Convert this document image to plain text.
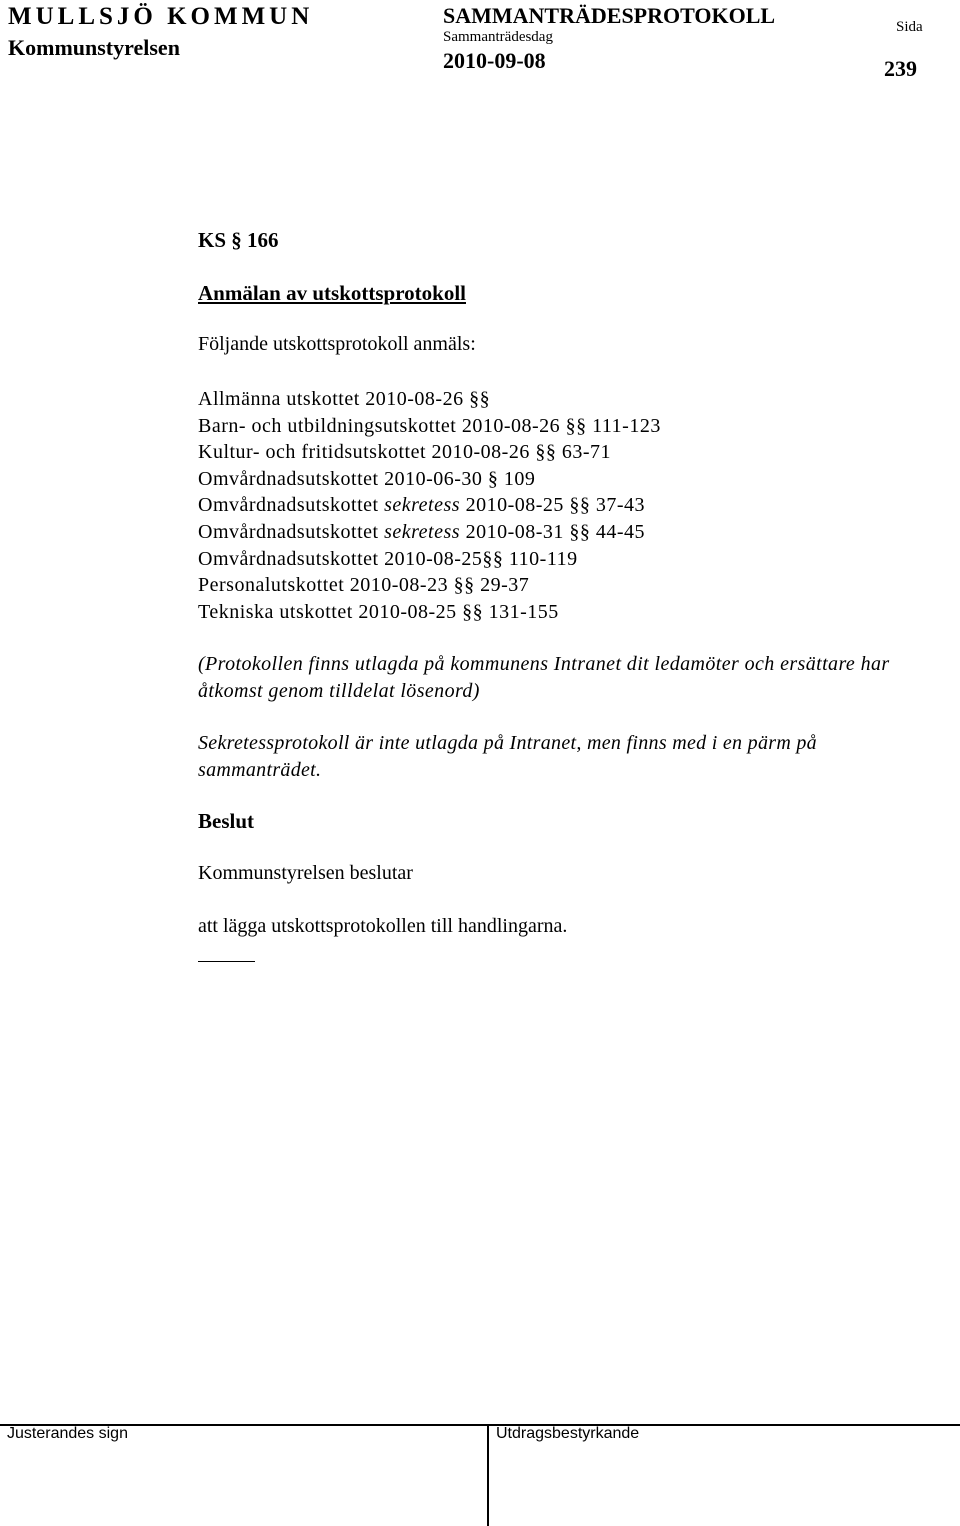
MULLSJÖ KOMMUN
Kommunstyrelsen
SAMMANTRÄDESPROTOKOLL
Sammanträdesdag
2010-09-08
Sida
239
KS § 166
Anmälan av utskottsprotokoll
Följande utskottsprotokoll anmäls:
Allmänna utskottet 2010-08-26 §§
Barn- och utbildningsutskottet 2010-08-26 §§ 111-123
Kultur- och fritidsutskottet 2010-08-26 §§ 63-71
Omvårdnadsutskottet 2010-06-30 § 109
Omvårdnadsutskottet sekretess 2010-08-25 §§ 37-43
Omvårdnadsutskottet sekretess 2010-08-31 §§ 44-45
Omvårdnadsutskottet 2010-08-25§§ 110-119
Personalutskottet 2010-08-23 §§ 29-37
Tekniska utskottet 2010-08-25 §§ 131-155
(Protokollen finns utlagda på kommunens Intranet dit ledamöter och ersättare har åtkomst genom tilldelat lösenord)
Sekretessprotokoll är inte utlagda på Intranet, men finns med i en pärm på sammanträdet.
Beslut
Kommunstyrelsen beslutar
att lägga utskottsprotokollen till handlingarna.
Justerandes sign	Utdragsbestyrkande
